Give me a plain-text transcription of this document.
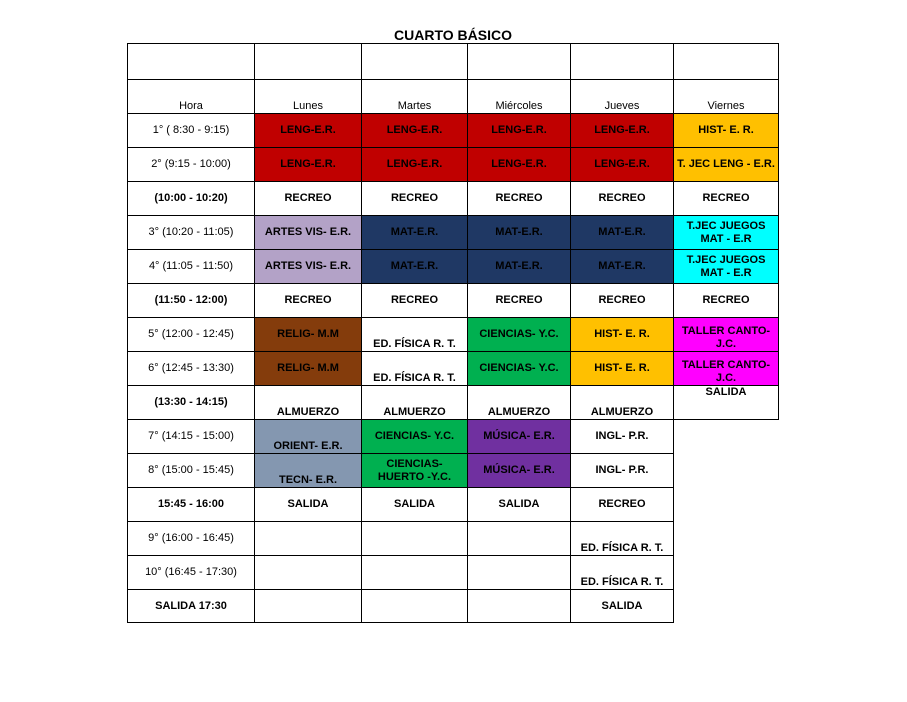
CUARTO BÁSICO

Hora	Lunes	Martes	Miércoles	Jueves	Viernes
1° ( 8:30 - 9:15)	LENG-E.R.	LENG-E.R.	LENG-E.R.	LENG-E.R.	HIST- E. R.
2° (9:15 - 10:00)	LENG-E.R.	LENG-E.R.	LENG-E.R.	LENG-E.R.	T. JEC LENG - E.R.
(10:00 - 10:20)	RECREO	RECREO	RECREO	RECREO	RECREO
3° (10:20 - 11:05)	ARTES VIS- E.R.	MAT-E.R.	MAT-E.R.	MAT-E.R.	T.JEC JUEGOS MAT - E.R
4° (11:05 - 11:50)	ARTES VIS- E.R.	MAT-E.R.	MAT-E.R.	MAT-E.R.	T.JEC JUEGOS MAT - E.R
(11:50 - 12:00)	RECREO	RECREO	RECREO	RECREO	RECREO
5° (12:00 - 12:45)	RELIG- M.M	ED. FÍSICA R. T.	CIENCIAS- Y.C.	HIST- E. R.	TALLER CANTO- J.C.
6° (12:45 - 13:30)	RELIG- M.M	ED. FÍSICA R. T.	CIENCIAS- Y.C.	HIST- E. R.	TALLER CANTO- J.C.
(13:30 - 14:15)	ALMUERZO	ALMUERZO	ALMUERZO	ALMUERZO	SALIDA
7° (14:15 - 15:00)	ORIENT- E.R.	CIENCIAS- Y.C.	MÚSICA- E.R.	INGL- P.R.	
8° (15:00 - 15:45)	TECN- E.R.	CIENCIAS- HUERTO -Y.C.	MÚSICA- E.R.	INGL- P.R.	
15:45 - 16:00	SALIDA	SALIDA	SALIDA	RECREO	
9° (16:00 - 16:45)				ED. FÍSICA R. T.	
10° (16:45 - 17:30)				ED. FÍSICA R. T.	
SALIDA 17:30				SALIDA	
